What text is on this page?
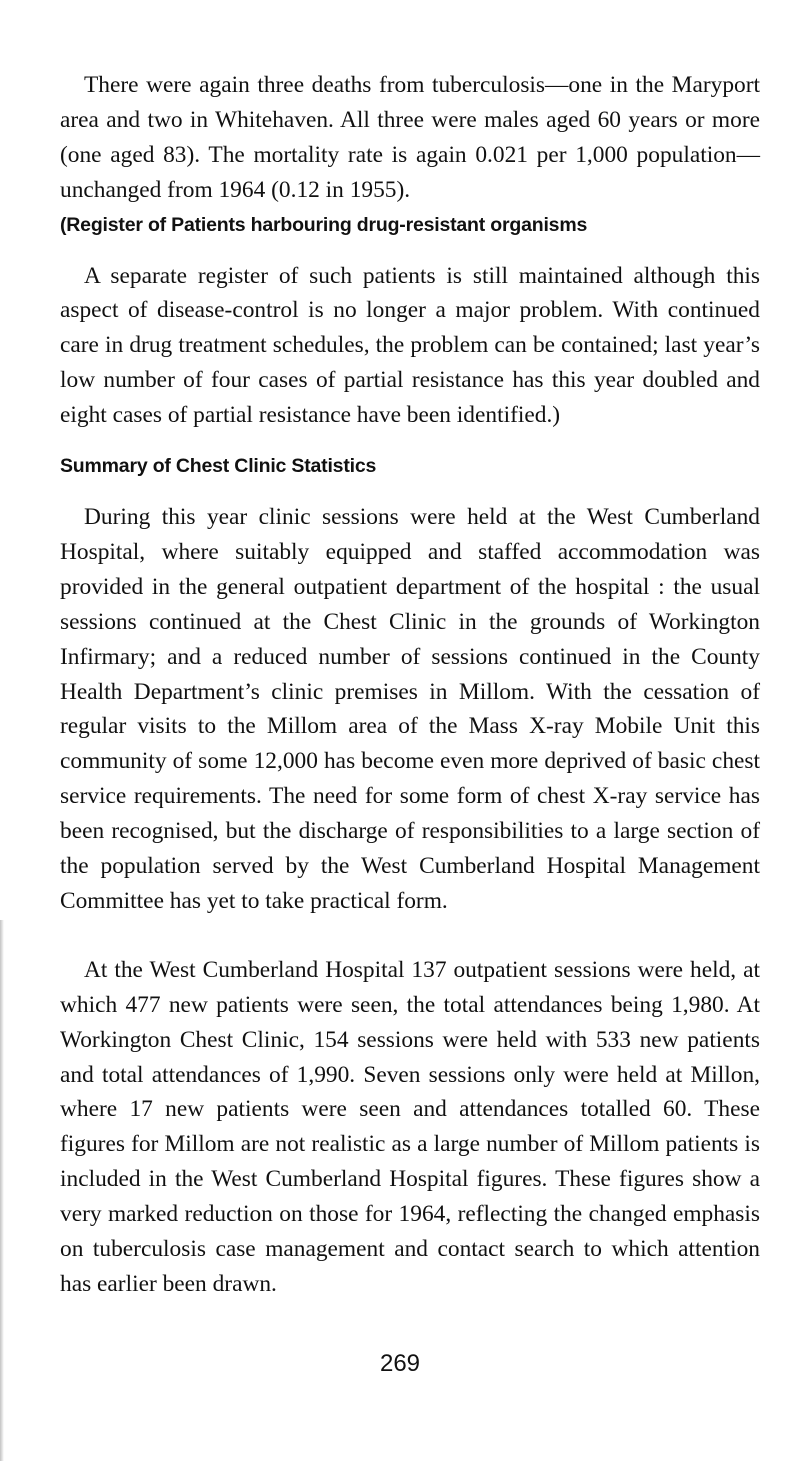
There were again three deaths from tuberculosis—one in the Maryport area and two in Whitehaven. All three were males aged 60 years or more (one aged 83). The mortality rate is again 0.021 per 1,000 population—unchanged from 1964 (0.12 in 1955).

(Register of Patients harbouring drug-resistant organisms

A separate register of such patients is still maintained although this aspect of disease-control is no longer a major problem. With continued care in drug treatment schedules, the problem can be contained; last year’s low number of four cases of partial resistance has this year doubled and eight cases of partial resistance have been identified.)

Summary of Chest Clinic Statistics

During this year clinic sessions were held at the West Cumberland Hospital, where suitably equipped and staffed accommodation was provided in the general outpatient department of the hospital : the usual sessions continued at the Chest Clinic in the grounds of Workington Infirmary; and a reduced number of sessions continued in the County Health Department’s clinic premises in Millom. With the cessation of regular visits to the Millom area of the Mass X-ray Mobile Unit this community of some 12,000 has become even more deprived of basic chest service requirements. The need for some form of chest X-ray service has been recognised, but the discharge of responsibilities to a large section of the population served by the West Cumberland Hospital Management Committee has yet to take practical form.

At the West Cumberland Hospital 137 outpatient sessions were held, at which 477 new patients were seen, the total attendances being 1,980. At Workington Chest Clinic, 154 sessions were held with 533 new patients and total attendances of 1,990. Seven sessions only were held at Millon, where 17 new patients were seen and attendances totalled 60. These figures for Millom are not realistic as a large number of Millom patients is included in the West Cumberland Hospital figures. These figures show a very marked reduction on those for 1964, reflecting the changed emphasis on tuberculosis case management and contact search to which attention has earlier been drawn.

269
